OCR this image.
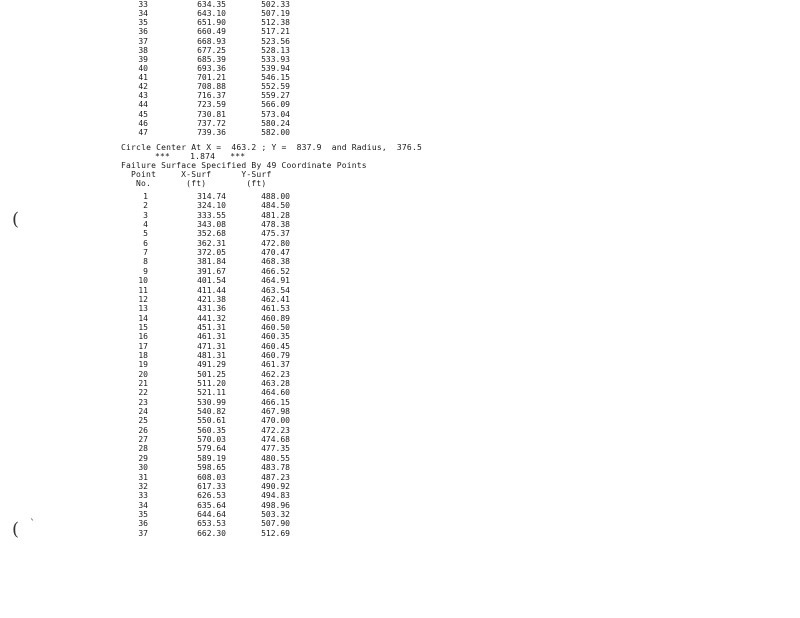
33	634.35	502.33
34	643.10	507.19
35	651.90	512.38
36	660.49	517.21
37	668.93	523.56
38	677.25	528.13
39	685.39	533.93
40	693.36	539.94
41	701.21	546.15
42	708.88	552.59
43	716.37	559.27
44	723.59	566.09
45	730.81	573.04
46	737.72	580.24
47	739.36	582.00
Circle Center At X =  463.2 ; Y =  837.9  and Radius,  376.5
***    1.874   ***
Failure Surface Specified By 49 Coordinate Points
Point     X-Surf      Y-Surf
No.       (ft)        (ft)
1	314.74	488.00
2	324.10	484.50
3	333.55	481.28
4	343.08	478.38
5	352.68	475.37
6	362.31	472.80
7	372.05	470.47
8	381.84	468.38
9	391.67	466.52
10	401.54	464.91
11	411.44	463.54
12	421.38	462.41
13	431.36	461.53
14	441.32	460.89
15	451.31	460.50
16	461.31	460.35
17	471.31	460.45
18	481.31	460.79
19	491.29	461.37
20	501.25	462.23
21	511.20	463.28
22	521.11	464.60
23	530.99	466.15
24	540.82	467.98
25	550.61	470.00
26	560.35	472.23
27	570.03	474.68
28	579.64	477.35
29	589.19	480.55
30	598.65	483.78
31	608.03	487.23
32	617.33	490.92
33	626.53	494.83
34	635.64	498.96
35	644.64	503.32
36	653.53	507.90
37	662.30	512.69
(
( `
